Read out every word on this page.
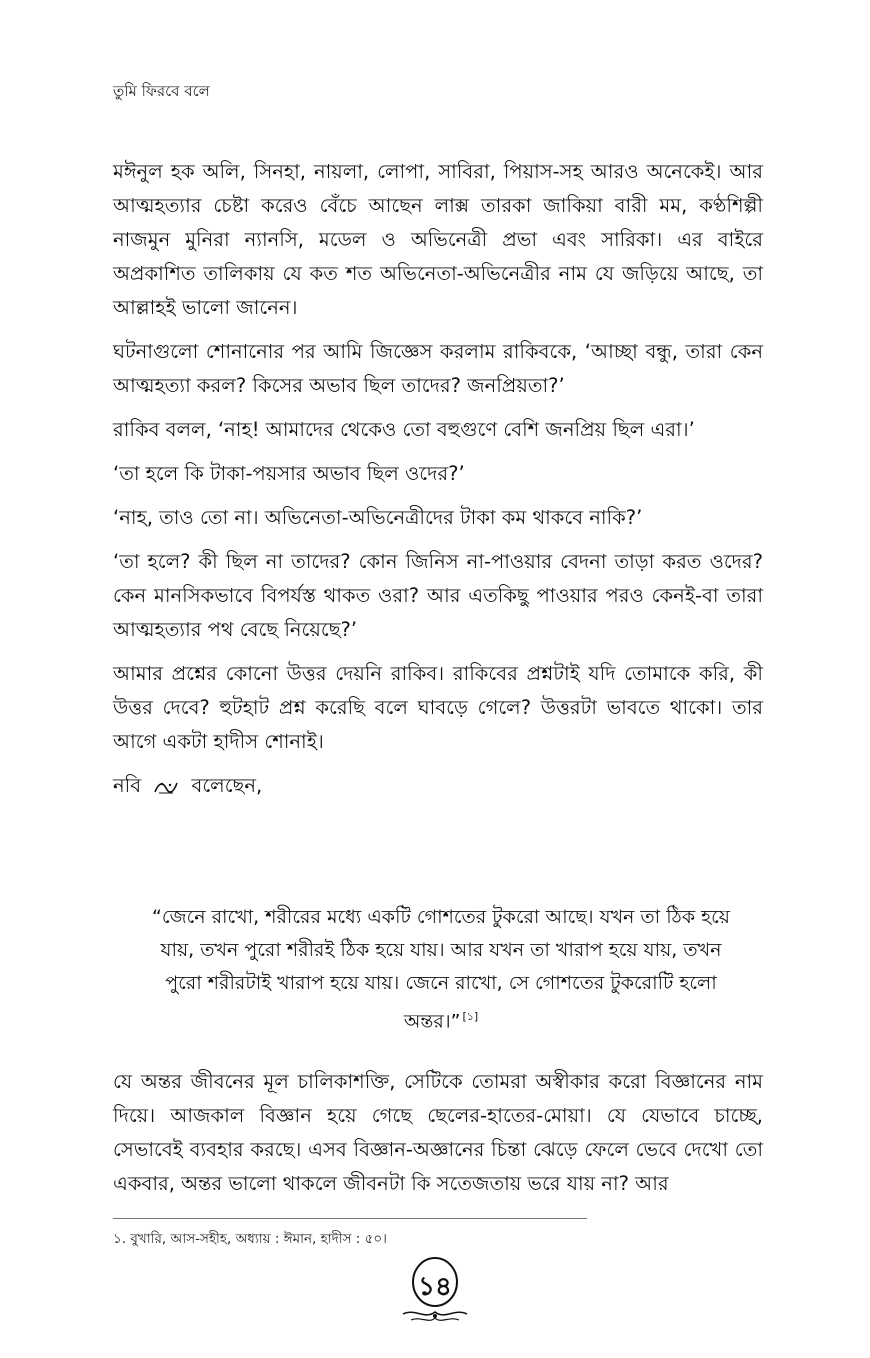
তুমি ফিরবে বলে

মঈনুল হক অলি, সিনহা, নায়লা, লোপা, সাবিরা, পিয়াস-সহ আরও অনেকেই। আর আত্মহত্যার চেষ্টা করেও বেঁচে আছেন লাক্স তারকা জাকিয়া বারী মম, কণ্ঠশিল্পী নাজমুন মুনিরা ন্যানসি, মডেল ও অভিনেত্রী প্রভা এবং সারিকা। এর বাইরে অপ্রকাশিত তালিকায় যে কত শত অভিনেতা-অভিনেত্রীর নাম যে জড়িয়ে আছে, তা আল্লাহই ভালো জানেন।

ঘটনাগুলো শোনানোর পর আমি জিজ্ঞেস করলাম রাকিবকে, ‘আচ্ছা বন্ধু, তারা কেন আত্মহত্যা করল? কিসের অভাব ছিল তাদের? জনপ্রিয়তা?’

রাকিব বলল, ‘নাহ! আমাদের থেকেও তো বহুগুণে বেশি জনপ্রিয় ছিল এরা।’

‘তা হলে কি টাকা-পয়সার অভাব ছিল ওদের?’

‘নাহ, তাও তো না। অভিনেতা-অভিনেত্রীদের টাকা কম থাকবে নাকি?’

‘তা হলে? কী ছিল না তাদের? কোন জিনিস না-পাওয়ার বেদনা তাড়া করত ওদের? কেন মানসিকভাবে বিপর্যস্ত থাকত ওরা? আর এতকিছু পাওয়ার পরও কেনই-বা তারা আত্মহত্যার পথ বেছে নিয়েছে?’

আমার প্রশ্নের কোনো উত্তর দেয়নি রাকিব। রাকিবের প্রশ্নটাই যদি তোমাকে করি, কী উত্তর দেবে? হুটহাট প্রশ্ন করেছি বলে ঘাবড়ে গেলে? উত্তরটা ভাবতে থাকো। তার আগে একটা হাদীস শোনাই।

নবি	বলেছেন,

“জেনে রাখো, শরীরের মধ্যে একটি গোশতের টুকরো আছে। যখন তা ঠিক হয়ে যায়, তখন পুরো শরীরই ঠিক হয়ে যায়। আর যখন তা খারাপ হয়ে যায়, তখন পুরো শরীরটাই খারাপ হয়ে যায়। জেনে রাখো, সে গোশতের টুকরোটি হলো অন্তর।” [১]

যে অন্তর জীবনের মূল চালিকাশক্তি, সেটিকে তোমরা অস্বীকার করো বিজ্ঞানের নাম দিয়ে। আজকাল বিজ্ঞান হয়ে গেছে ছেলের-হাতের-মোয়া। যে যেভাবে চাচ্ছে, সেভাবেই ব্যবহার করছে। এসব বিজ্ঞান-অজ্ঞানের চিন্তা ঝেড়ে ফেলে ভেবে দেখো তো একবার, অন্তর ভালো থাকলে জীবনটা কি সতেজতায় ভরে যায় না? আর

১. বুখারি, আস-সহীহ, অধ্যায় : ঈমান, হাদীস : ৫০।
১৪
